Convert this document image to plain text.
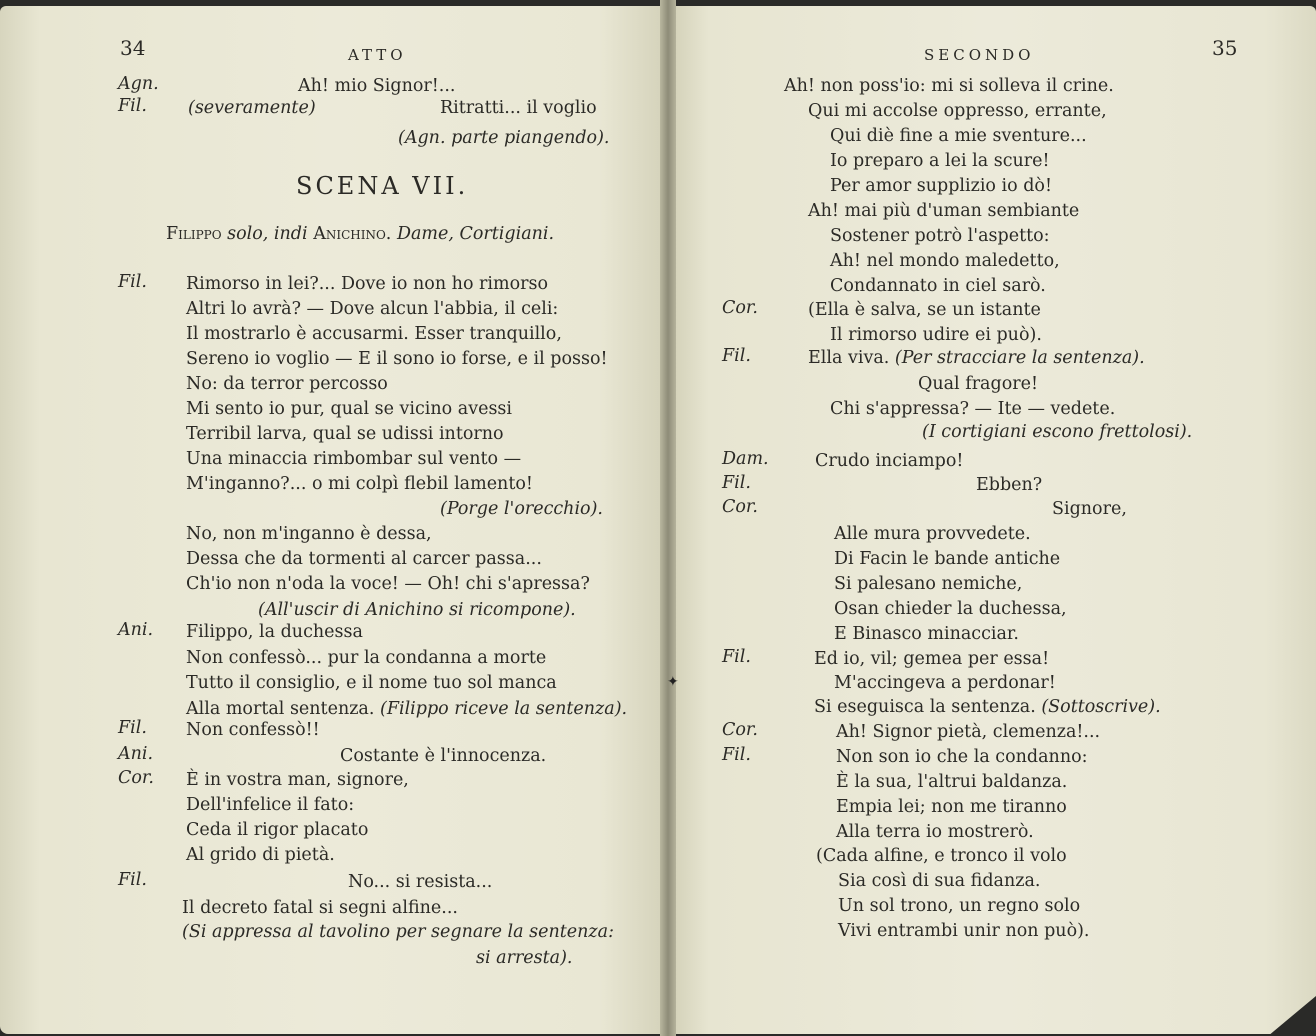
✦
34	ATTO	SECONDO	35
SCENA VII.
Filippo solo, indi Anichino. Dame, Cortigiani.
Agn.	Ah! mio Signor!...
Fil. (severamente)	Ritratti... il voglio
(Agn. parte piangendo).
Fil. Rimorso in lei?... Dove io non ho rimorso
Altri lo avrà? — Dove alcun l'abbia, il celi:
Il mostrarlo è accusarmi. Esser tranquillo,
Sereno io voglio — E il sono io forse, e il posso!
No: da terror percosso
Mi sento io pur, qual se vicino avessi
Terribil larva, qual se udissi intorno
Una minaccia rimbombar sul vento —
M'inganno?... o mi colpì flebil lamento!
(Porge l'orecchio).
No, non m'inganno è dessa,
Dessa che da tormenti al carcer passa...
Ch'io non n'oda la voce! — Oh! chi s'apressa?
(All'uscir di Anichino si ricompone).
Ani. Filippo, la duchessa
Non confessò... pur la condanna a morte
Tutto il consiglio, e il nome tuo sol manca
Alla mortal sentenza. (Filippo riceve la sentenza).
Fil. Non confessò!!
Ani.	Costante è l'innocenza.
Cor. È in vostra man, signore,
Dell'infelice il fato:
Ceda il rigor placato
Al grido di pietà.
Fil.	No... si resista...
Il decreto fatal si segni alfine...
(Si appressa al tavolino per segnare la sentenza:
si arresta).
Ah! non poss'io: mi si solleva il crine.
Qui mi accolse oppresso, errante,
Qui diè fine a mie sventure...
Io preparo a lei la scure!
Per amor supplizio io dò!
Ah! mai più d'uman sembiante
Sostener potrò l'aspetto:
Ah! nel mondo maledetto,
Condannato in ciel sarò.
Cor.	(Ella è salva, se un istante
Il rimorso udire ei può).
Fil.	Ella viva. (Per stracciare la sentenza).
Qual fragore!
Chi s'appressa? — Ite — vedete.
(I cortigiani escono frettolosi).
Dam.	Crudo inciampo!
Fil.	Ebben?
Cor.	Signore,
Alle mura provvedete.
Di Facin le bande antiche
Si palesano nemiche,
Osan chieder la duchessa,
E Binasco minacciar.
Fil.	Ed io, vil; gemea per essa!
M'accingeva a perdonar!
Si eseguisca la sentenza. (Sottoscrive).
Cor.	Ah! Signor pietà, clemenza!...
Fil.	Non son io che la condanno:
È la sua, l'altrui baldanza.
Empia lei; non me tiranno
Alla terra io mostrerò.
(Cada alfine, e tronco il volo
Sia così di sua fidanza.
Un sol trono, un regno solo
Vivi entrambi unir non può).
